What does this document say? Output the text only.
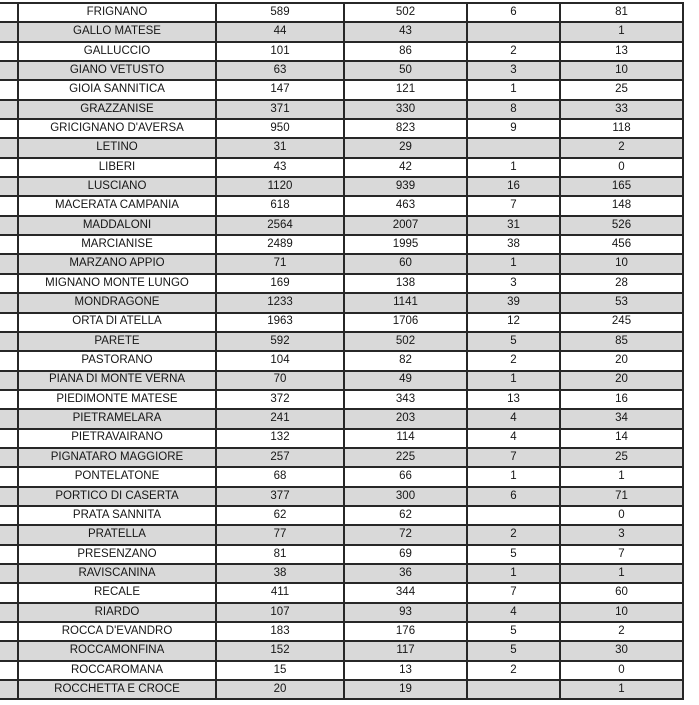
	FRIGNANO	589	502	6	81
	GALLO MATESE	44	43		1
	GALLUCCIO	101	86	2	13
	GIANO VETUSTO	63	50	3	10
	GIOIA SANNITICA	147	121	1	25
	GRAZZANISE	371	330	8	33
	GRICIGNANO D'AVERSA	950	823	9	118
	LETINO	31	29		2
	LIBERI	43	42	1	0
	LUSCIANO	1120	939	16	165
	MACERATA CAMPANIA	618	463	7	148
	MADDALONI	2564	2007	31	526
	MARCIANISE	2489	1995	38	456
	MARZANO APPIO	71	60	1	10
	MIGNANO MONTE LUNGO	169	138	3	28
	MONDRAGONE	1233	1141	39	53
	ORTA DI ATELLA	1963	1706	12	245
	PARETE	592	502	5	85
	PASTORANO	104	82	2	20
	PIANA DI MONTE VERNA	70	49	1	20
	PIEDIMONTE MATESE	372	343	13	16
	PIETRAMELARA	241	203	4	34
	PIETRAVAIRANO	132	114	4	14
	PIGNATARO MAGGIORE	257	225	7	25
	PONTELATONE	68	66	1	1
	PORTICO DI CASERTA	377	300	6	71
	PRATA SANNITA	62	62		0
	PRATELLA	77	72	2	3
	PRESENZANO	81	69	5	7
	RAVISCANINA	38	36	1	1
	RECALE	411	344	7	60
	RIARDO	107	93	4	10
	ROCCA D'EVANDRO	183	176	5	2
	ROCCAMONFINA	152	117	5	30
	ROCCAROMANA	15	13	2	0
	ROCCHETTA E CROCE	20	19		1
